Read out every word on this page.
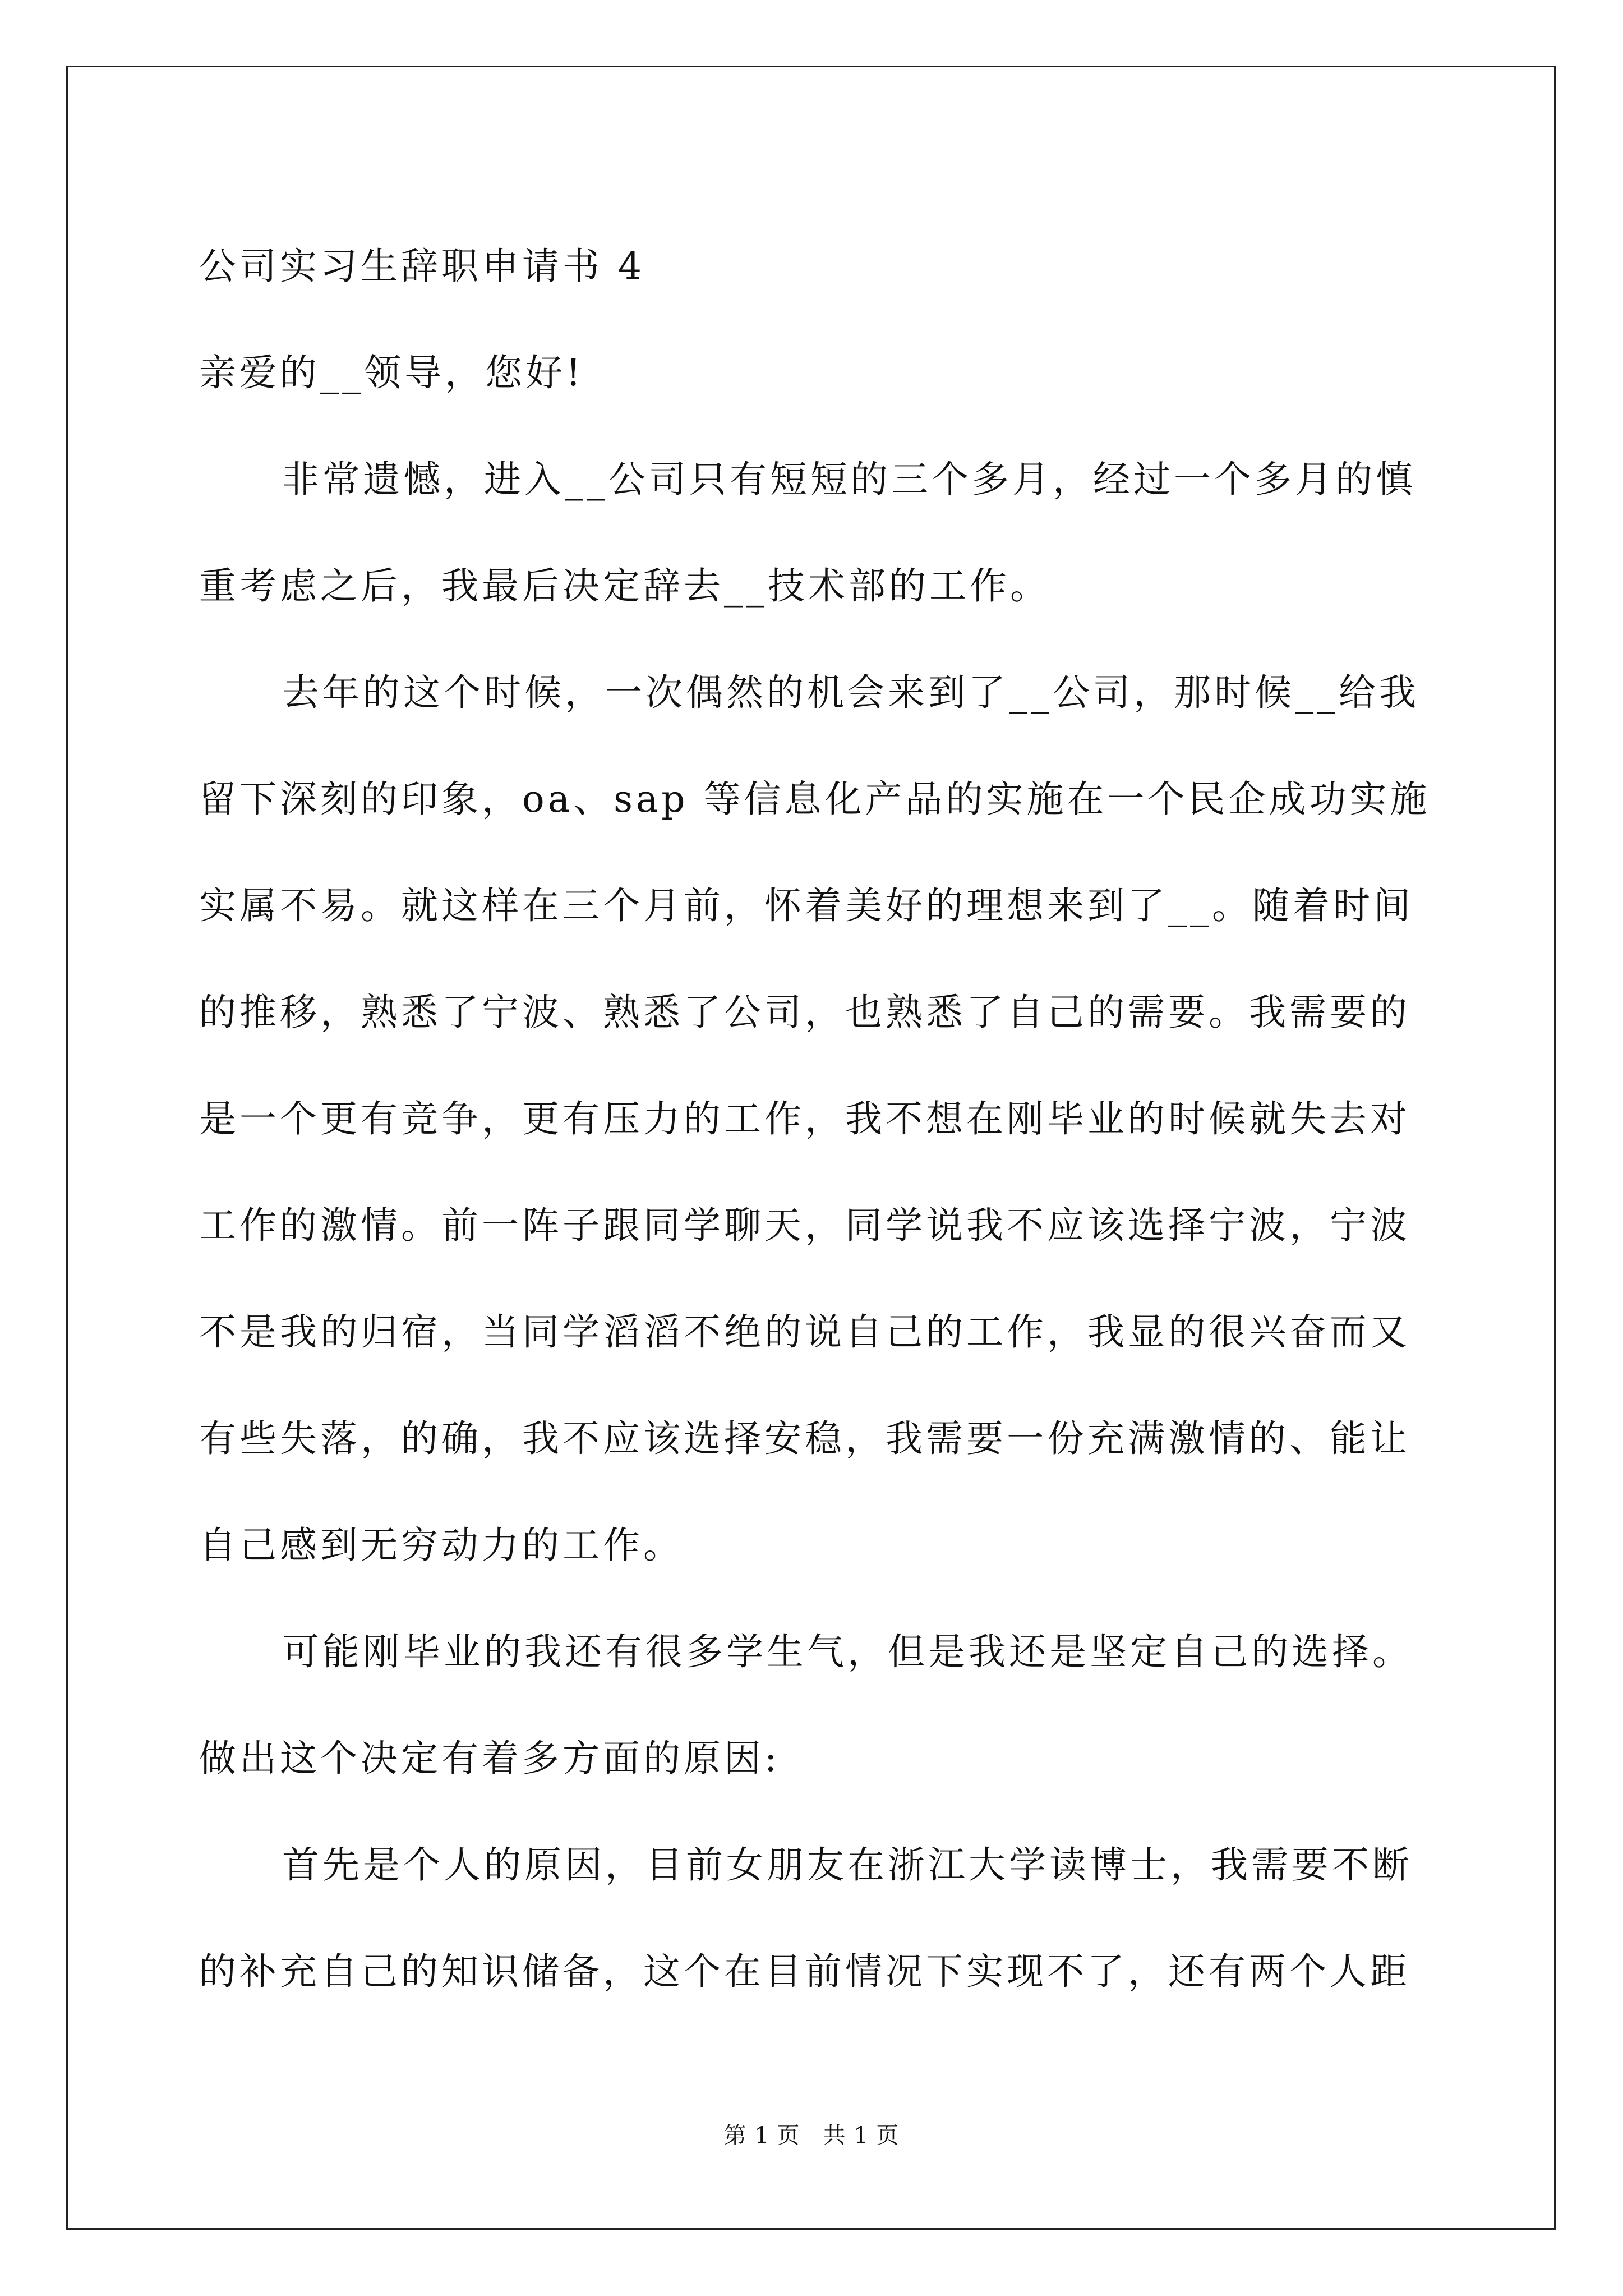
公司实习生辞职申请书 4
亲爱的__领导，您好!
非常遗憾，进入__公司只有短短的三个多月，经过一个多月的慎
重考虑之后，我最后决定辞去__技术部的工作。
去年的这个时候，一次偶然的机会来到了__公司，那时候__给我
留下深刻的印象，oa、sap 等信息化产品的实施在一个民企成功实施
实属不易。就这样在三个月前，怀着美好的理想来到了__。随着时间
的推移，熟悉了宁波、熟悉了公司，也熟悉了自己的需要。我需要的
是一个更有竞争，更有压力的工作，我不想在刚毕业的时候就失去对
工作的激情。前一阵子跟同学聊天，同学说我不应该选择宁波，宁波
不是我的归宿，当同学滔滔不绝的说自己的工作，我显的很兴奋而又
有些失落，的确，我不应该选择安稳，我需要一份充满激情的、能让
自己感到无穷动力的工作。
可能刚毕业的我还有很多学生气，但是我还是坚定自己的选择。
做出这个决定有着多方面的原因:
首先是个人的原因，目前女朋友在浙江大学读博士，我需要不断
的补充自己的知识储备，这个在目前情况下实现不了，还有两个人距
第 1 页　共 1 页
